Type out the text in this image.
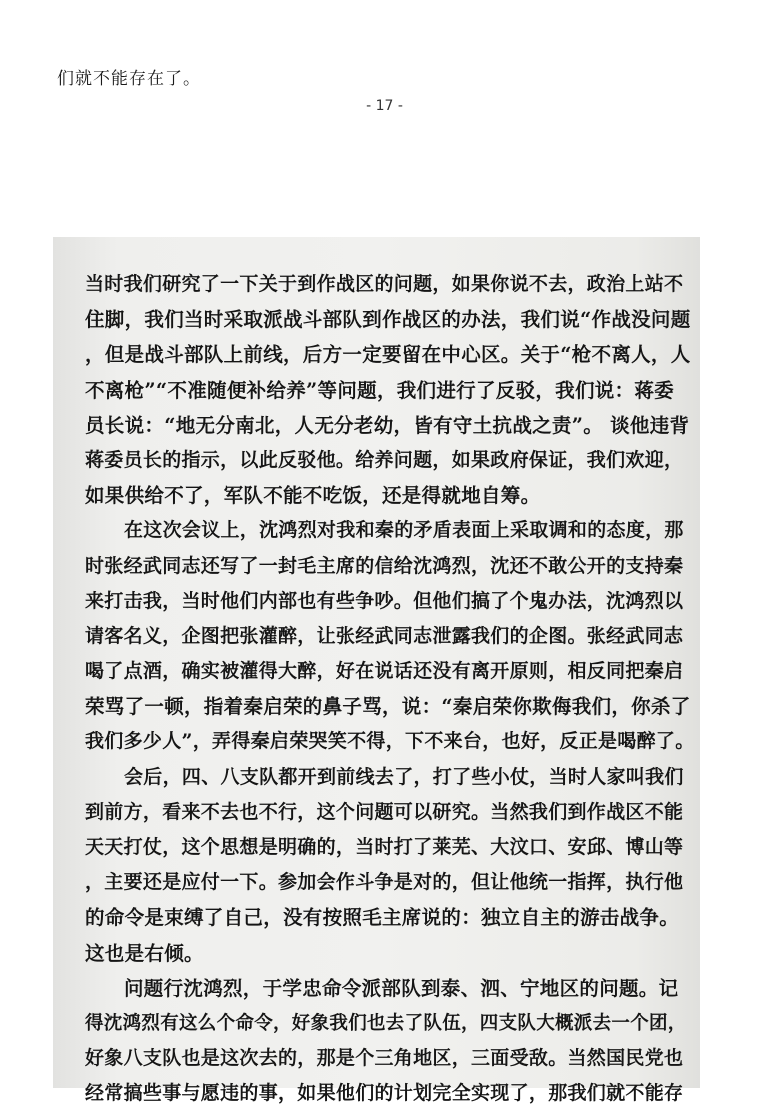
们就不能存在了。
- 17 -
当时我们研究了一下关于到作战区的问题，如果你说不去，政治上站不
住脚，我们当时采取派战斗部队到作战区的办法，我们说“作战没问题
，但是战斗部队上前线，后方一定要留在中心区。关于“枪不离人，人
不离枪”“不准随便补给养”等问题，我们进行了反驳，我们说：蒋委
员长说：“地无分南北，人无分老幼，皆有守土抗战之责”。 谈他违背
蒋委员长的指示，以此反驳他。给养问题，如果政府保证，我们欢迎，
如果供给不了，军队不能不吃饭，还是得就地自筹。
在这次会议上，沈鸿烈对我和秦的矛盾表面上采取调和的态度，那
时张经武同志还写了一封毛主席的信给沈鸿烈，沈还不敢公开的支持秦
来打击我，当时他们内部也有些争吵。但他们搞了个鬼办法，沈鸿烈以
请客名义，企图把张灌醉，让张经武同志泄露我们的企图。张经武同志
喝了点酒，确实被灌得大醉，好在说话还没有离开原则，相反同把秦启
荣骂了一顿，指着秦启荣的鼻子骂，说：“秦启荣你欺侮我们，你杀了
我们多少人”，弄得秦启荣哭笑不得，下不来台，也好，反正是喝醉了。
会后，四、八支队都开到前线去了，打了些小仗，当时人家叫我们
到前方，看来不去也不行，这个问题可以研究。当然我们到作战区不能
天天打仗，这个思想是明确的，当时打了莱芜、大汶口、安邱、博山等
，主要还是应付一下。参加会作斗争是对的，但让他统一指挥，执行他
的命令是束缚了自己，没有按照毛主席说的：独立自主的游击战争。
这也是右倾。
问题行沈鸿烈，于学忠命令派部队到泰、泗、宁地区的问题。记
得沈鸿烈有这么个命令，好象我们也去了队伍，四支队大概派去一个团，
好象八支队也是这次去的，那是个三角地区，三面受敌。当然国民党也
经常搞些事与愿违的事，如果他们的计划完全实现了，那我们就不能存
